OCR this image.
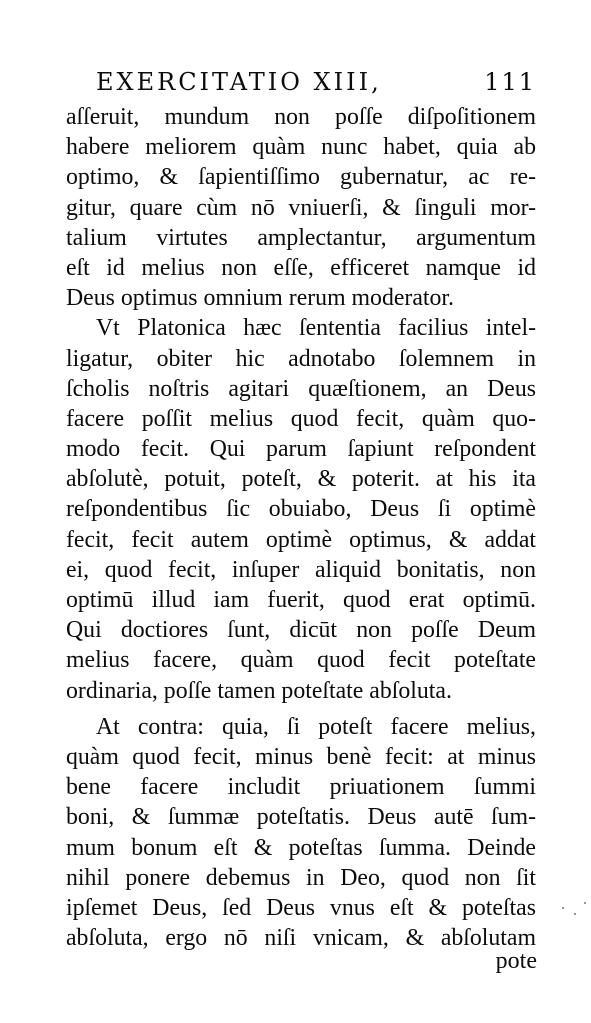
EXERCITATIO XIII,	111
aſſeruit, mundum non poſſe diſpoſitionem
habere meliorem quàm nunc habet, quia ab
optimo, & ſapientiſſimo gubernatur, ac re-
gitur, quare cùm nō vniuerſi, & ſinguli mor-
talium virtutes amplectantur, argumentum
eſt id melius non eſſe, efficeret namque id
Deus optimus omnium rerum moderator.
Vt Platonica hæc ſententia facilius intel-
ligatur, obiter hic adnotabo ſolemnem in
ſcholis noſtris agitari quæſtionem, an Deus
facere poſſit melius quod fecit, quàm quo-
modo fecit. Qui parum ſapiunt reſpondent
abſolutè, potuit, poteſt, & poterit. at his ita
reſpondentibus ſic obuiabo, Deus ſi optimè
fecit, fecit autem optimè optimus, & addat
ei, quod fecit, inſuper aliquid bonitatis, non
optimū illud iam fuerit, quod erat optimū.
Qui doctiores ſunt, dicūt non poſſe Deum
melius facere, quàm quod fecit poteſtate
ordinaria, poſſe tamen poteſtate abſoluta.
At contra: quia, ſi poteſt facere melius,
quàm quod fecit, minus benè fecit: at minus
bene facere includit priuationem ſummi
boni, & ſummæ poteſtatis. Deus autē ſum-
mum bonum eſt & poteſtas ſumma. Deinde
nihil ponere debemus in Deo, quod non ſit
ipſemet Deus, ſed Deus vnus eſt & poteſtas
abſoluta, ergo nō niſi vnicam, & abſolutam
pote
